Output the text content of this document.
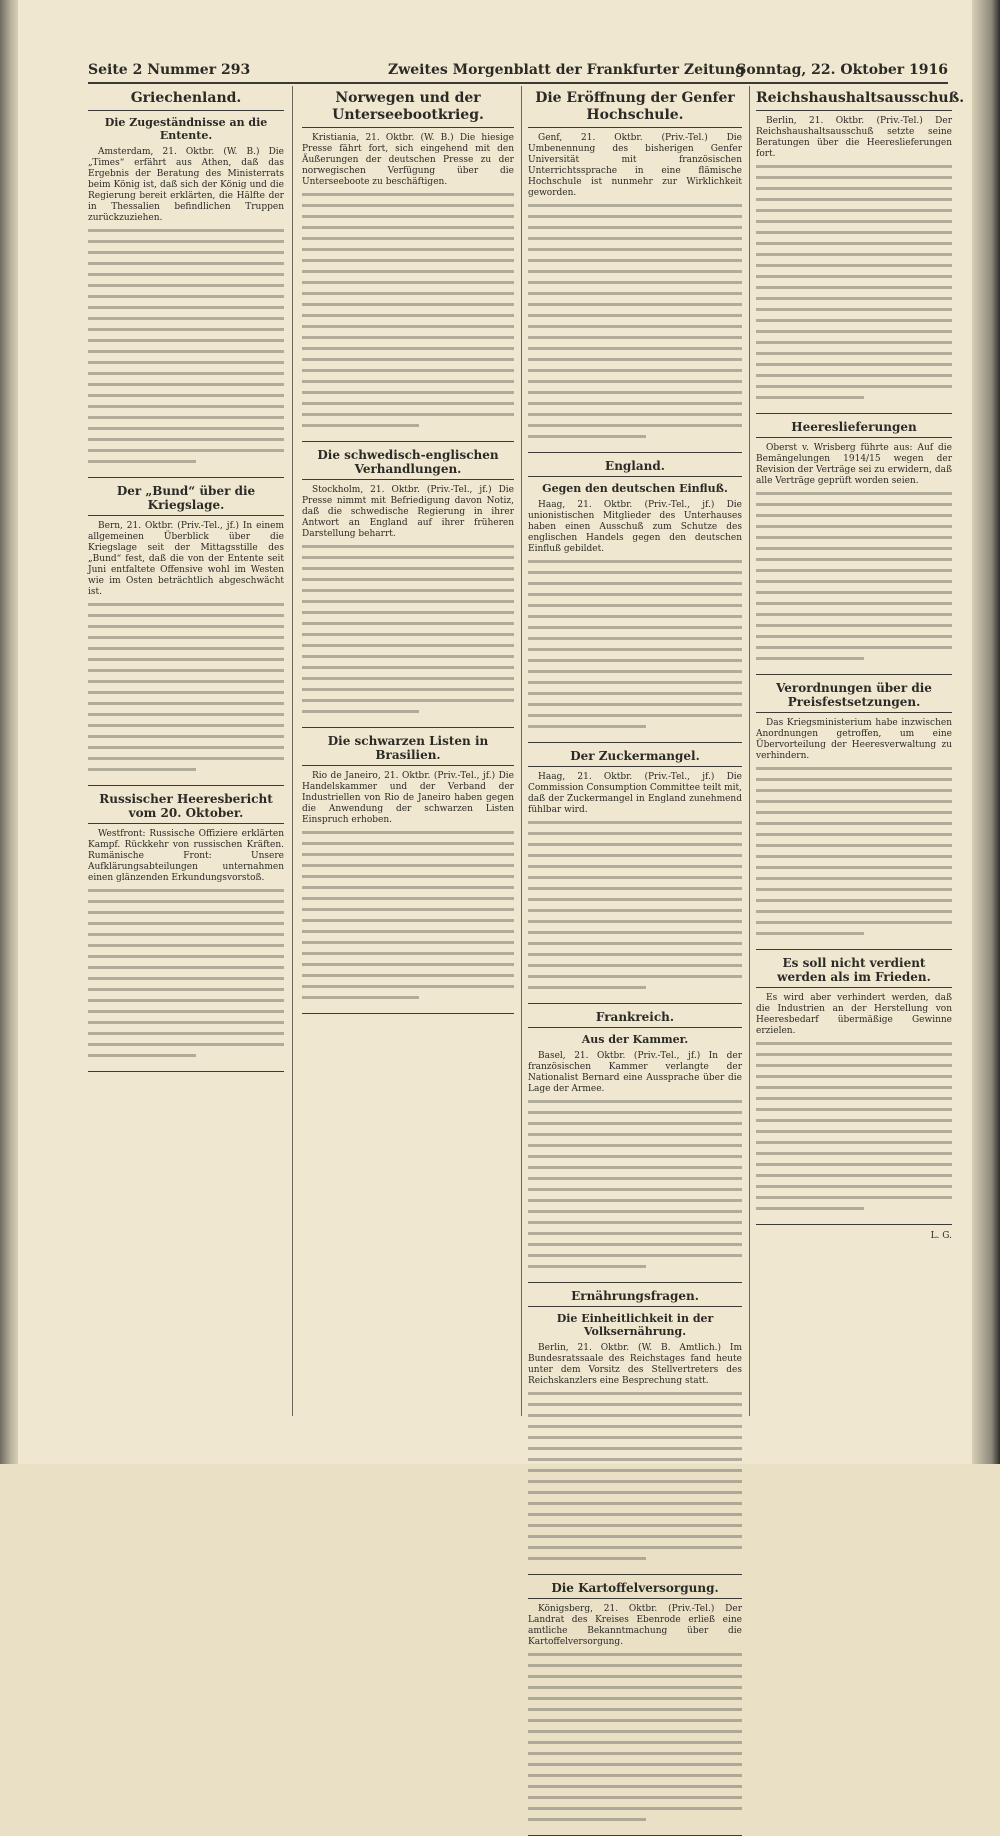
Seite 2 Nummer 293	Zweites Morgenblatt der Frankfurter Zeitung
Sonntag, 22. Oktober 1916
Griechenland.
Die Zugeständnisse an die Entente.

Amsterdam, 21. Oktbr. (W. B.) Die „Times“ erfährt aus Athen, daß das Ergebnis der Beratung des Ministerrats beim König ist, daß sich der König und die Regierung bereit erklärten, die Hälfte der in Thessalien befindlichen Truppen zurückzuziehen.

Der „Bund“ über die Kriegslage.

Bern, 21. Oktbr. (Priv.-Tel., jf.) In einem allgemeinen Überblick über die Kriegslage seit der Mittagsstille des „Bund“ fest, daß die von der Entente seit Juni entfaltete Offensive wohl im Westen wie im Osten beträchtlich abgeschwächt ist.

Russischer Heeresbericht vom 20. Oktober.

Westfront: Russische Offiziere erklärten Kampf. Rückkehr von russischen Kräften. Rumänische Front: Unsere Aufklärungsabteilungen unternahmen einen glänzenden Erkundungsvorstoß.

Norwegen und der Unterseebootkrieg.

Kristiania, 21. Oktbr. (W. B.) Die hiesige Presse fährt fort, sich eingehend mit den Äußerungen der deutschen Presse zu der norwegischen Verfügung über die Unterseeboote zu beschäftigen.

Die schwedisch-englischen Verhandlungen.

Stockholm, 21. Oktbr. (Priv.-Tel., jf.) Die Presse nimmt mit Befriedigung davon Notiz, daß die schwedische Regierung in ihrer Antwort an England auf ihrer früheren Darstellung beharrt.

Die schwarzen Listen in Brasilien.

Rio de Janeiro, 21. Oktbr. (Priv.-Tel., jf.) Die Handelskammer und der Verband der Industriellen von Rio de Janeiro haben gegen die Anwendung der schwarzen Listen Einspruch erhoben.

Die Eröffnung der Genfer Hochschule.

Genf, 21. Oktbr. (Priv.-Tel.) Die Umbenennung des bisherigen Genfer Universität mit französischen Unterrichtssprache in eine flämische Hochschule ist nunmehr zur Wirklichkeit geworden.

England.
Gegen den deutschen Einfluß.

Haag, 21. Oktbr. (Priv.-Tel., jf.) Die unionistischen Mitglieder des Unterhauses haben einen Ausschuß zum Schutze des englischen Handels gegen den deutschen Einfluß gebildet.

Der Zuckermangel.

Haag, 21. Oktbr. (Priv.-Tel., jf.) Die Commission Consumption Committee teilt mit, daß der Zuckermangel in England zunehmend fühlbar wird.

Frankreich.
Aus der Kammer.

Basel, 21. Oktbr. (Priv.-Tel., jf.) In der französischen Kammer verlangte der Nationalist Bernard eine Aussprache über die Lage der Armee.

Ernährungsfragen.
Die Einheitlichkeit in der Volksernährung.

Berlin, 21. Oktbr. (W. B. Amtlich.) Im Bundesratssaale des Reichstages fand heute unter dem Vorsitz des Stellvertreters des Reichskanzlers eine Besprechung statt.

Die Kartoffelversorgung.

Königsberg, 21. Oktbr. (Priv.-Tel.) Der Landrat des Kreises Ebenrode erließ eine amtliche Bekanntmachung über die Kartoffelversorgung.

Reichshaushaltsausschuß.

Berlin, 21. Oktbr. (Priv.-Tel.) Der Reichshaushaltsausschuß setzte seine Beratungen über die Heereslieferungen fort.

Heereslieferungen

Oberst v. Wrisberg führte aus: Auf die Bemängelungen 1914/15 wegen der Revision der Verträge sei zu erwidern, daß alle Verträge geprüft worden seien.

Verordnungen über die Preisfestsetzungen.

Das Kriegsministerium habe inzwischen Anordnungen getroffen, um eine Übervorteilung der Heeresverwaltung zu verhindern.

Es soll nicht verdient werden als im Frieden.

Es wird aber verhindert werden, daß die Industrien an der Herstellung von Heeresbedarf übermäßige Gewinne erzielen.

L. G.
